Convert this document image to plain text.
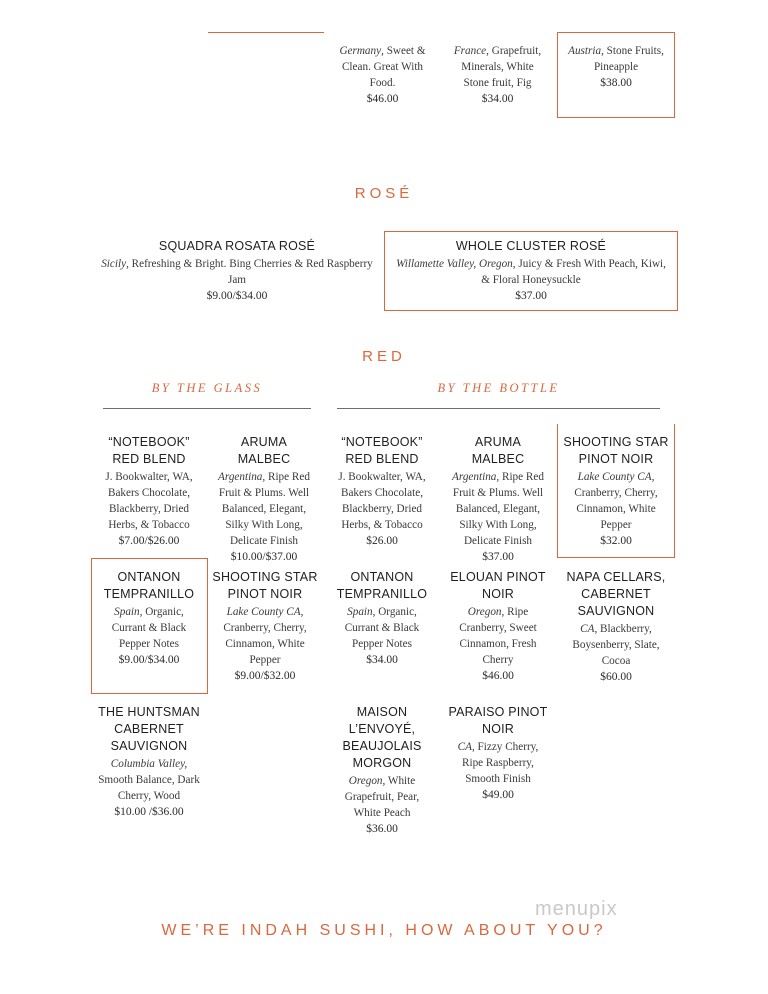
Germany, Sweet & Clean. Great With Food.
$46.00
France, Grapefruit, Minerals, White Stone fruit, Fig
$34.00
Austria, Stone Fruits, Pineapple
$38.00
ROSÉ
SQUADRA ROSATA ROSÉ
Sicily, Refreshing & Bright. Bing Cherries & Red Raspberry Jam
$9.00/$34.00
WHOLE CLUSTER ROSÉ
Willamette Valley, Oregon, Juicy & Fresh With Peach, Kiwi, & Floral Honeysuckle
$37.00
RED
BY THE GLASS	BY THE BOTTLE
“NOTEBOOK” RED BLEND
J. Bookwalter, WA, Bakers Chocolate, Blackberry, Dried Herbs, & Tobacco
$7.00/$26.00
ARUMA MALBEC
Argentina, Ripe Red Fruit & Plums. Well Balanced, Elegant, Silky With Long, Delicate Finish
$10.00/$37.00
“NOTEBOOK” RED BLEND
J. Bookwalter, WA, Bakers Chocolate, Blackberry, Dried Herbs, & Tobacco
$26.00
ARUMA MALBEC
Argentina, Ripe Red Fruit & Plums. Well Balanced, Elegant, Silky With Long, Delicate Finish
$37.00
SHOOTING STAR PINOT NOIR
Lake County CA, Cranberry, Cherry, Cinnamon, White Pepper
$32.00
ONTANON TEMPRANILLO
Spain, Organic, Currant & Black Pepper Notes
$9.00/$34.00
SHOOTING STAR PINOT NOIR
Lake County CA, Cranberry, Cherry, Cinnamon, White Pepper
$9.00/$32.00
ONTANON TEMPRANILLO
Spain, Organic, Currant & Black Pepper Notes
$34.00
ELOUAN PINOT NOIR
Oregon, Ripe Cranberry, Sweet Cinnamon, Fresh Cherry
$46.00
NAPA CELLARS, CABERNET SAUVIGNON
CA, Blackberry, Boysenberry, Slate, Cocoa
$60.00
THE HUNTSMAN CABERNET SAUVIGNON
Columbia Valley, Smooth Balance, Dark Cherry, Wood
$10.00 /$36.00
MAISON L’ENVOYÉ, BEAUJOLAIS MORGON
Oregon, White Grapefruit, Pear, White Peach
$36.00
PARAISO PINOT NOIR
CA, Fizzy Cherry, Ripe Raspberry, Smooth Finish
$49.00
menupix
WE’RE INDAH SUSHI, HOW ABOUT YOU?
